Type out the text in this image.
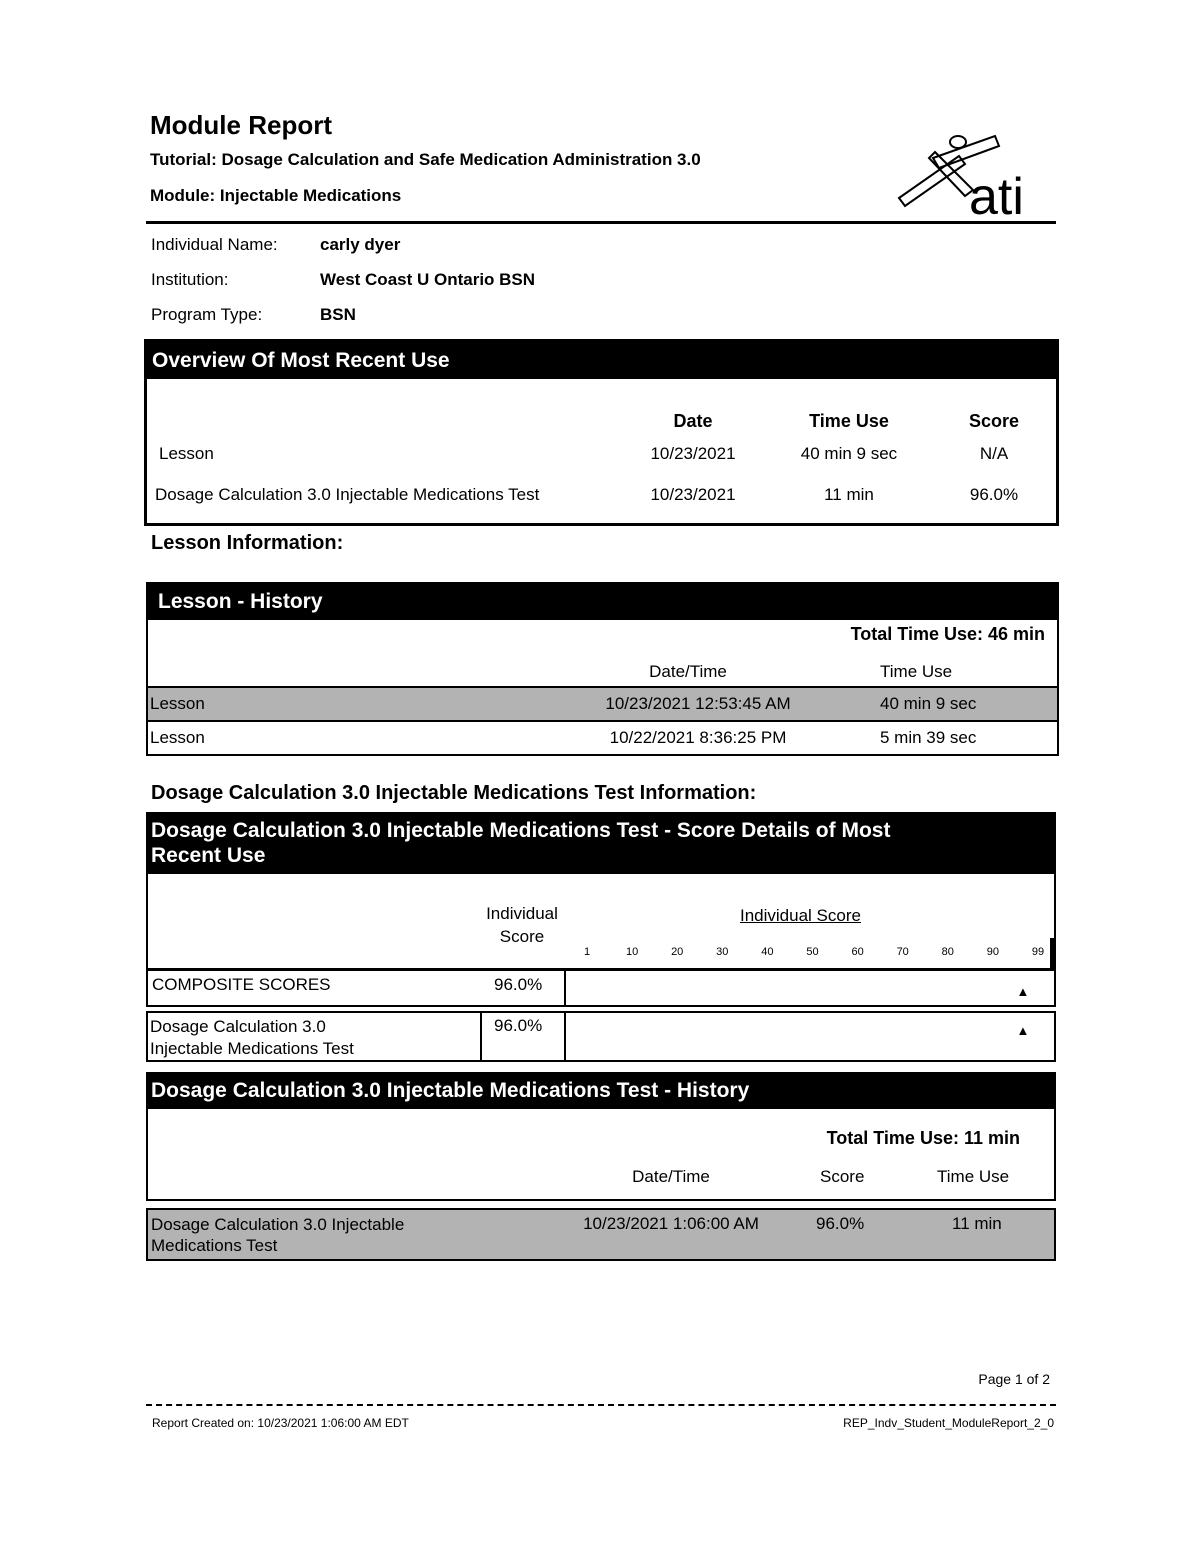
Module Report
Tutorial: Dosage Calculation and Safe Medication Administration 3.0
Module: Injectable Medications	ati
Individual Name: carly dyer
Institution:	West Coast U Ontario BSN
Program Type:	BSN
Overview Of Most Recent Use
Date	Time Use	Score
Lesson	10/23/2021	40 min 9 sec	N/A
Dosage Calculation 3.0 Injectable Medications Test	10/23/2021	11 min	96.0%
Lesson Information:
Lesson - History
Total Time Use: 46 min
Date/Time	Time Use
Lesson	10/23/2021 12:53:45 AM	40 min 9 sec
Lesson	10/22/2021 8:36:25 PM	5 min 39 sec
Dosage Calculation 3.0 Injectable Medications Test Information:
Dosage Calculation 3.0 Injectable Medications Test - Score Details of Most
Recent Use
Individual
Score
Individual Score
1	10	20	30	40	50	60	70	80	90	99
COMPOSITE SCORES	96.0%	▲
Dosage Calculation 3.0
Injectable Medications Test
96.0%	▲
Dosage Calculation 3.0 Injectable Medications Test - History
Total Time Use: 11 min
Date/Time	Score	Time Use
Dosage Calculation 3.0 Injectable
Medications Test
10/23/2021 1:06:00 AM	96.0%	11 min
Page 1 of 2
Report Created on: 10/23/2021 1:06:00 AM EDT	REP_Indv_Student_ModuleReport_2_0
